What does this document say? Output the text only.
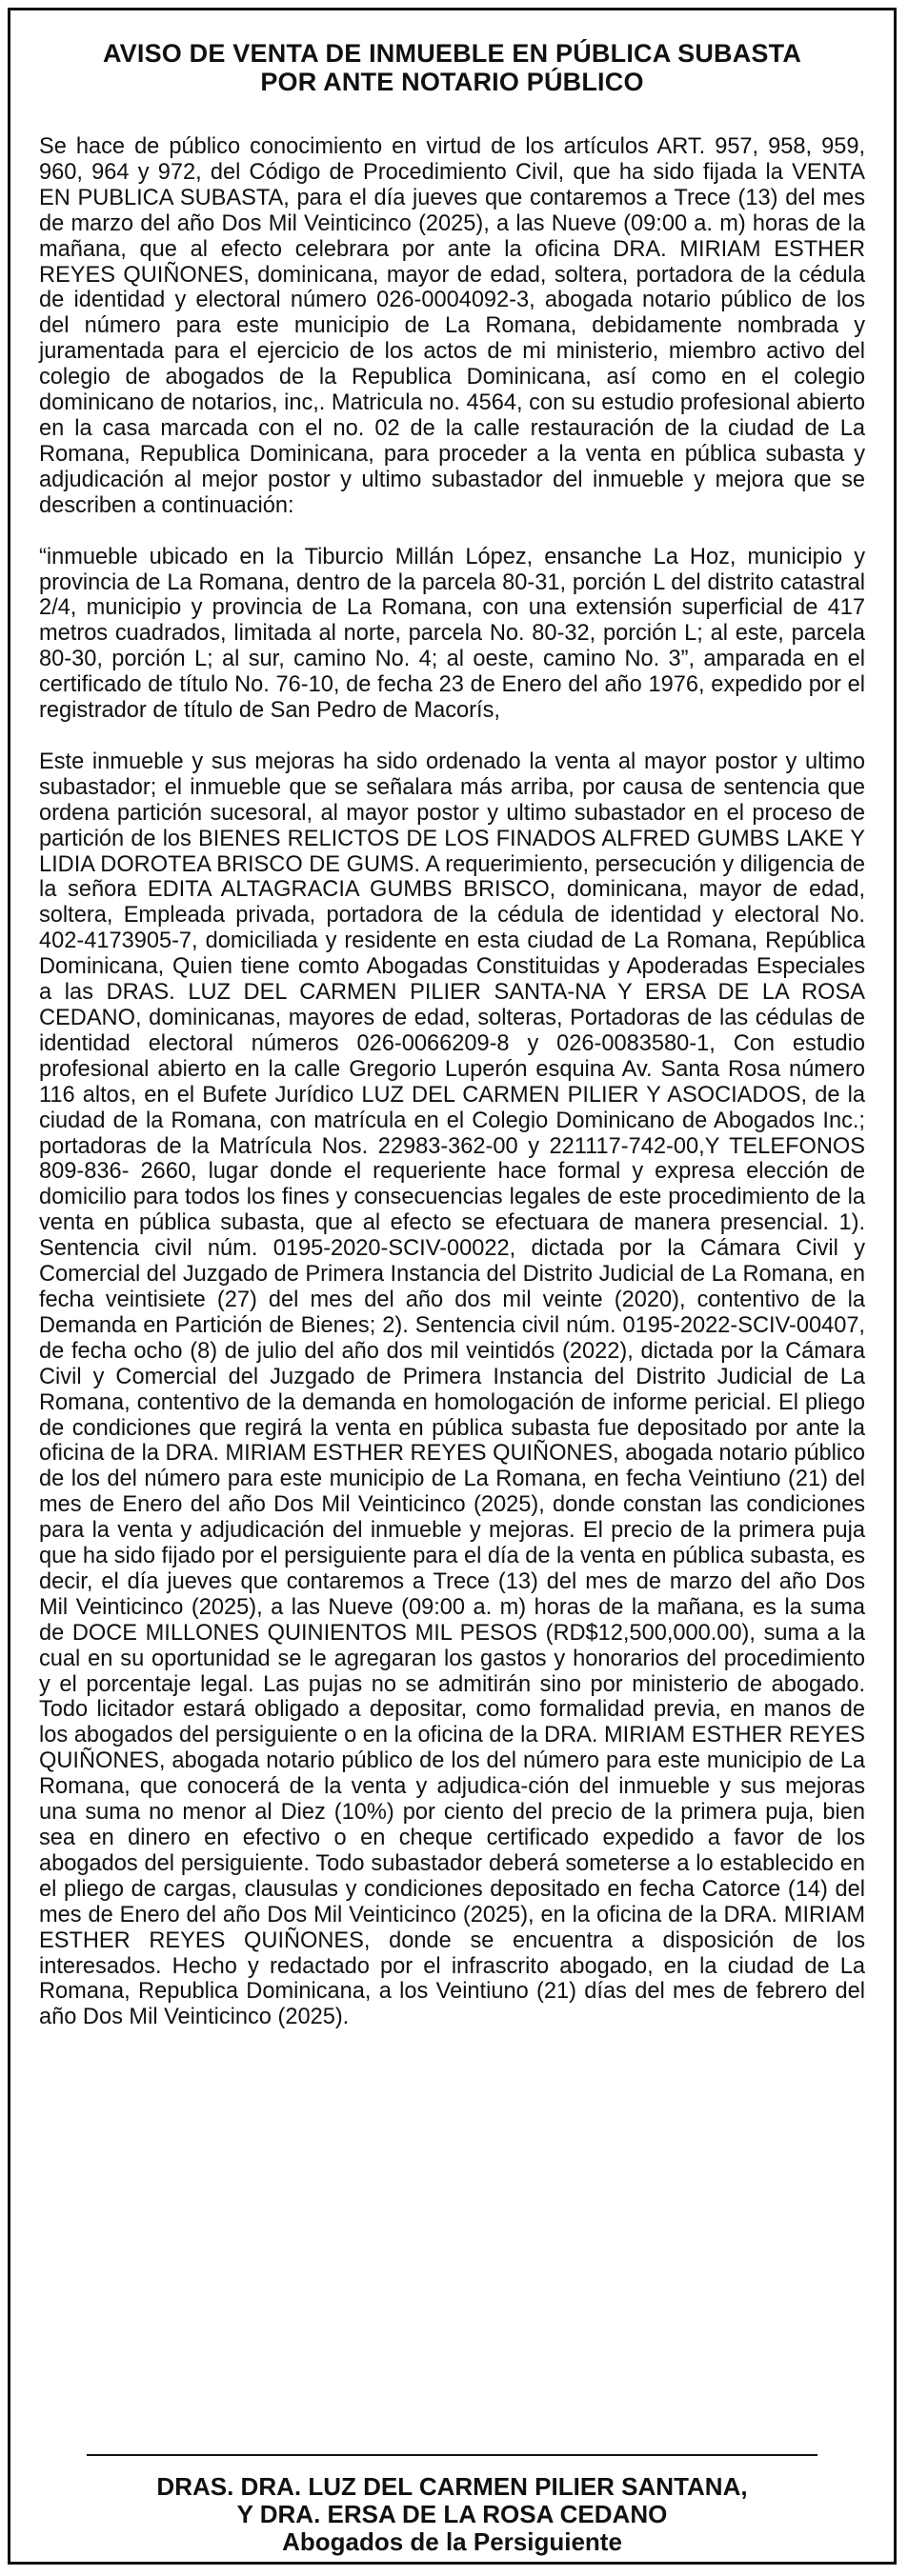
AVISO DE VENTA DE INMUEBLE EN PÚBLICA SUBASTA
POR ANTE NOTARIO PÚBLICO

Se hace de público conocimiento en virtud de los artículos ART. 957, 958, 959, 960, 964 y 972, del Código de Procedimiento Civil, que ha sido fijada la VENTA EN PUBLICA SUBASTA, para el día jueves que contaremos a Trece (13) del mes de marzo del año Dos Mil Veinticinco (2025), a las Nueve (09:00 a. m) horas de la mañana, que al efecto celebrara por ante la oficina DRA. MIRIAM ESTHER REYES QUIÑONES, dominicana, mayor de edad, soltera, portadora de la cédula de identidad y electoral número 026-0004092-3, abogada notario público de los del número para este municipio de La Romana, debidamente nombrada y juramentada para el ejercicio de los actos de mi ministerio, miembro activo del colegio de abogados de la Republica Dominicana, así como en el colegio dominicano de notarios, inc,. Matricula no. 4564, con su estudio profesional abierto en la casa marcada con el no. 02 de la calle restauración de la ciudad de La Romana, Republica Dominicana, para proceder a la venta en pública subasta y adjudicación al mejor postor y ultimo subastador del inmueble y mejora que se describen a continuación:

“inmueble ubicado en la Tiburcio Millán López, ensanche La Hoz, municipio y provincia de La Romana, dentro de la parcela 80-31, porción L del distrito catastral 2/4, municipio y provincia de La Romana, con una extensión superficial de 417 metros cuadrados, limitada al norte, parcela No. 80-32, porción L; al este, parcela 80-30, porción L; al sur, camino No. 4; al oeste, camino No. 3”, amparada en el certificado de título No. 76-10, de fecha 23 de Enero del año 1976, expedido por el registrador de título de San Pedro de Macorís,

Este inmueble y sus mejoras ha sido ordenado la venta al mayor postor y ultimo subastador; el inmueble que se señalara más arriba, por causa de sentencia que ordena partición sucesoral, al mayor postor y ultimo subastador en el proceso de partición de los BIENES RELICTOS DE LOS FINADOS ALFRED GUMBS LAKE Y LIDIA DOROTEA BRISCO DE GUMS. A requerimiento, persecución y diligencia de la señora EDITA ALTAGRACIA GUMBS BRISCO, dominicana, mayor de edad, soltera, Empleada privada, portadora de la cédula de identidad y electoral No. 402-4173905-7, domiciliada y residente en esta ciudad de La Romana, República Dominicana, Quien tiene comto Abogadas Constituidas y Apoderadas Especiales a las DRAS. LUZ DEL CARMEN PILIER SANTA-NA Y ERSA DE LA ROSA CEDANO, dominicanas, mayores de edad, solteras, Portadoras de las cédulas de identidad electoral números 026-0066209-8 y 026-0083580-1, Con estudio profesional abierto en la calle Gregorio Luperón esquina Av. Santa Rosa número 116 altos, en el Bufete Jurídico LUZ DEL CARMEN PILIER Y ASOCIADOS, de la ciudad de la Romana, con matrícula en el Colegio Dominicano de Abogados Inc.; portadoras de la Matrícula Nos. 22983-362-00 y 221117-742-00,Y TELEFONOS 809-836- 2660, lugar donde el requeriente hace formal y expresa elección de domicilio para todos los fines y consecuencias legales de este procedimiento de la venta en pública subasta, que al efecto se efectuara de manera presencial. 1). Sentencia civil núm. 0195-2020-SCIV-00022, dictada por la Cámara Civil y Comercial del Juzgado de Primera Instancia del Distrito Judicial de La Romana, en fecha veintisiete (27) del mes del año dos mil veinte (2020), contentivo de la Demanda en Partición de Bienes; 2). Sentencia civil núm. 0195-2022-SCIV-00407, de fecha ocho (8) de julio del año dos mil veintidós (2022), dictada por la Cámara Civil y Comercial del Juzgado de Primera Instancia del Distrito Judicial de La Romana, contentivo de la demanda en homologación de informe pericial. El pliego de condiciones que regirá la venta en pública subasta fue depositado por ante la oficina de la DRA. MIRIAM ESTHER REYES QUIÑONES, abogada notario público de los del número para este municipio de La Romana, en fecha Veintiuno (21) del mes de Enero del año Dos Mil Veinticinco (2025), donde constan las condiciones para la venta y adjudicación del inmueble y mejoras. El precio de la primera puja que ha sido fijado por el persiguiente para el día de la venta en pública subasta, es decir, el día jueves que contaremos a Trece (13) del mes de marzo del año Dos Mil Veinticinco (2025), a las Nueve (09:00 a. m) horas de la mañana, es la suma de DOCE MILLONES QUINIENTOS MIL PESOS (RD$12,500,000.00), suma a la cual en su oportunidad se le agregaran los gastos y honorarios del procedimiento y el porcentaje legal. Las pujas no se admitirán sino por ministerio de abogado. Todo licitador estará obligado a depositar, como formalidad previa, en manos de los abogados del persiguiente o en la oficina de la DRA. MIRIAM ESTHER REYES QUIÑONES, abogada notario público de los del número para este municipio de La Romana, que conocerá de la venta y adjudica-ción del inmueble y sus mejoras una suma no menor al Diez (10%) por ciento del precio de la primera puja, bien sea en dinero en efectivo o en cheque certificado expedido a favor de los abogados del persiguiente. Todo subastador deberá someterse a lo establecido en el pliego de cargas, clausulas y condiciones depositado en fecha Catorce (14) del mes de Enero del año Dos Mil Veinticinco (2025), en la oficina de la DRA. MIRIAM ESTHER REYES QUIÑONES, donde se encuentra a disposición de los interesados. Hecho y redactado por el infrascrito abogado, en la ciudad de La Romana, Republica Dominicana, a los Veintiuno (21) días del mes de febrero del año Dos Mil Veinticinco (2025).

DRAS. DRA. LUZ DEL CARMEN PILIER SANTANA,
Y DRA. ERSA DE LA ROSA CEDANO
Abogados de la Persiguiente
